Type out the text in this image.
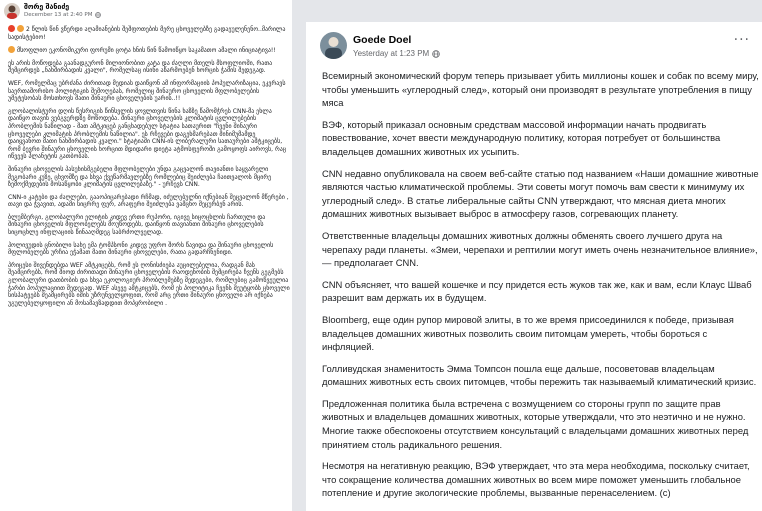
შორე შანიძე
December 13 at 2:40 PM

2 წლის წინ ვწერდი აღამიანების შეშფოთების მერე ცხოველებზე გადაეულენენო..მარილა სადისტებიო!

მსოფლიო ეკონომიკური ფორუმი ცოტა ხნის წინ წამოიწყო საკამათო ამალი ინიციატივა!!

ეს არის მოწოდება გაანადგურონ მილიონობით კატა და ძაღლი მთელს მსოფლიოში, რათა შემცირდეს „ნახშირბადის კვალი", რომელსაც ისინი აწარმოებენ ხორცის ჭამის შედეგად.

WEF, რომელმაც უბრძანა ძირითად მედიას დაიწყონ ამ ინფორმაციის პოპულარიზაცია, ეკვრავს საერთაშორისო პოლიტიკის შემოღებას, რომელიც შინაურო ცხოველის მფლობელების უმეტესობას მოსთხოვს მათი შინაური ცხოველების უარის..!!

გლობალისტური დღის წესრიგის წინსვლის ყოვლთვის წინა ხაზზე წამომჭრეს CNN-მა ეხლა დაიწყო თავის ვებგვერდზე მოწოდება. შინაური ცხოველების კლიმატის ცვლილებების პრობლემის ნაწილად - მათ ამტკიცებ განცხადებულ სტატია სათაურით "ჩვენი შინაური ცხოველები კლიმატის პრობლემის ნაწილია". ეს რჩევები დაგეხმარებათ მინიმუმამდე დაიყვანოთ მათი ნახშირბადის კვალი." სტატიაში CNN-ის ლიბერალური სათაურები ამტკიცებს, რომ ბევრი შინაური ცხოველის ხორცით მდიდარი დიეტა ატმოსფეროში გამოყოფს აიროვს, რაც იწვევს პლანეტის გათბობას.

შინაური ცხოველის პასუხისმგებელი მფლობელები უნდა გაცვალონ თავიანთი საყვარელი მეგობარი კუზე, ცხვოშზე და სხვა ქვეწარმავლებზე რომლებიც შეიძლება ჩაითვალოს მცირე ზემოქმედების მოსაწყობი კლიმატის ცვლილებაზე." - ურჩევს CNN.

CNN-ი კატები და ძაღლები, გააოპიცარებადი რჩმად, იძულებულნი იქნებიან შეცვალონ მწერები , თავი და ჭვავით, ადამი სიცრრე ფერ, არაფერი შეიძლება ვამცნო შეცურბენ არის.

ბლუმბერგი, გლობალური ელიტის კიდევ ერთი რუპორი, იგივე სიცოცხლის ჩართული და შინაური ცხოველის მფლობელებს მოუწოდებს, დაიწყონ თავიანთი შინაური ცხოველების სიცოცხლე ინფლაციის წინააღმდეგ საბრძოლველად.

ჰოლივუდის ცნობილი სახე ემა ტომპსონი კიდევ უფრო შორს წავიდა და შინაური ცხოველის მფლობელებს ურჩია ეჭამათ მათი შინაური ცხოველები, რათა გადარჩნენიდი.

პრიცესი შივენდებდა WEF ამტკიცებს, რომ ეს ღონისძიება აუცილებელია, რადგან მას შეამცირებს, რომ შიოდ ძირითადი შინაური ცხოველების რაოდენობის შემცირება ჩვენს გეგმებს გლობალური დათბობის და სხვა ეკოლოგიურ პრობლემებზე შედეგები, რომლებიც გამოწვეულია ჭარბი პოპულაციით შედეგად. WEF ასევე ამტკიცებს, რომ ეს პოლიტიკა ჩვენს შეუტყობს ცხოველი სისპატვებს შეამცირებს იმის უზრუნველყოფით, რომ არც ერთი შინაური ცხოველი არ იქნება უგულებელყოფილი ან მოსამავზადდით მოპყრობილი .

Goede Doel
Yesterday at 1:23 PM
···

Всемирный экономический форум теперь призывает убить миллионы кошек и собак по всему миру, чтобы уменьшить «углеродный след», который они производят в результате употребления в пищу мяса

ВЭФ, который приказал основным средствам массовой информации начать продвигать повествование, хочет ввести международную политику, которая потребует от большинства владельцев домашних животных их усыпить.

CNN недавно опубликовала на своем веб-сайте статью под названием «Наши домашние животные являются частью климатической проблемы. Эти советы могут помочь вам свести к минимуму их углеродный след». В статье либеральные сайты CNN утверждают, что мясная диета многих домашних животных вызывает выброс в атмосферу газов, согревающих планету.

Ответственные владельцы домашних животных должны обменять своего лучшего друга на черепаху ради планеты. «Змеи, черепахи и рептилии могут иметь очень незначительное влияние», — предполагает CNN.

CNN объясняет, что вашей кошечке и псу придется есть жуков так же, как и вам, если Клаус Шваб разрешит вам держать их в будущем.

Bloomberg, еще один рупор мировой элиты, в то же время присоединился к победе, призывая владельцев домашних животных позволить своим питомцам умереть, чтобы бороться с инфляцией.

Голливудская знаменитость Эмма Томпсон пошла еще дальше, посоветовав владельцам домашних животных есть своих питомцев, чтобы пережить так называемый климатический кризис.

Предложенная политика была встречена с возмущением со стороны групп по защите прав животных и владельцев домашних животных, которые утверждали, что это неэтично и не нужно. Многие также обеспокоены отсутствием консультаций с владельцами домашних животных перед принятием столь радикального решения.

Несмотря на негативную реакцию, ВЭФ утверждает, что эта мера необходима, поскольку считает, что сокращение количества домашних животных во всем мире поможет уменьшить глобальное потепление и другие экологические проблемы, вызванные перенаселением. (с)
